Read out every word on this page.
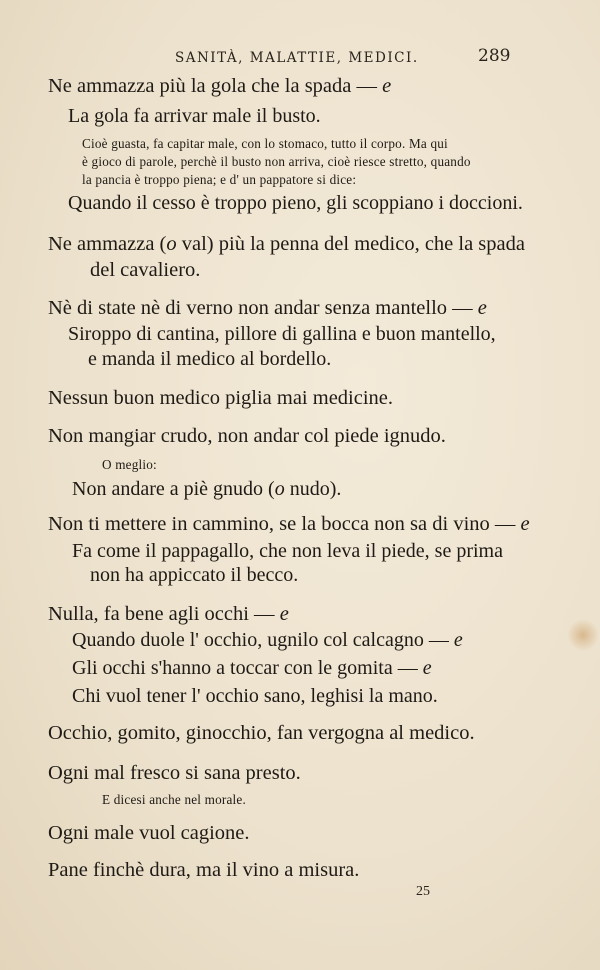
SANITÀ, MALATTIE, MEDICI.	289
Ne ammazza più la gola che la spada — e
La gola fa arrivar male il busto.
Cioè guasta, fa capitar male, con lo stomaco, tutto il corpo. Ma qui
è gioco di parole, perchè il busto non arriva, cioè riesce stretto, quando
la pancia è troppo piena; e d' un pappatore si dice:
Quando il cesso è troppo pieno, gli scoppiano i doccioni.
Ne ammazza (o val) più la penna del medico, che la spada
del cavaliero.
Nè di state nè di verno non andar senza mantello — e
Siroppo di cantina, pillore di gallina e buon mantello,
e manda il medico al bordello.
Nessun buon medico piglia mai medicine.
Non mangiar crudo, non andar col piede ignudo.
O meglio:
Non andare a piè gnudo (o nudo).
Non ti mettere in cammino, se la bocca non sa di vino — e
Fa come il pappagallo, che non leva il piede, se prima
non ha appiccato il becco.
Nulla, fa bene agli occhi — e
Quando duole l' occhio, ugnilo col calcagno — e
Gli occhi s'hanno a toccar con le gomita — e
Chi vuol tener l' occhio sano, leghisi la mano.
Occhio, gomito, ginocchio, fan vergogna al medico.
Ogni mal fresco si sana presto.
E dicesi anche nel morale.
Ogni male vuol cagione.
Pane finchè dura, ma il vino a misura.
25
